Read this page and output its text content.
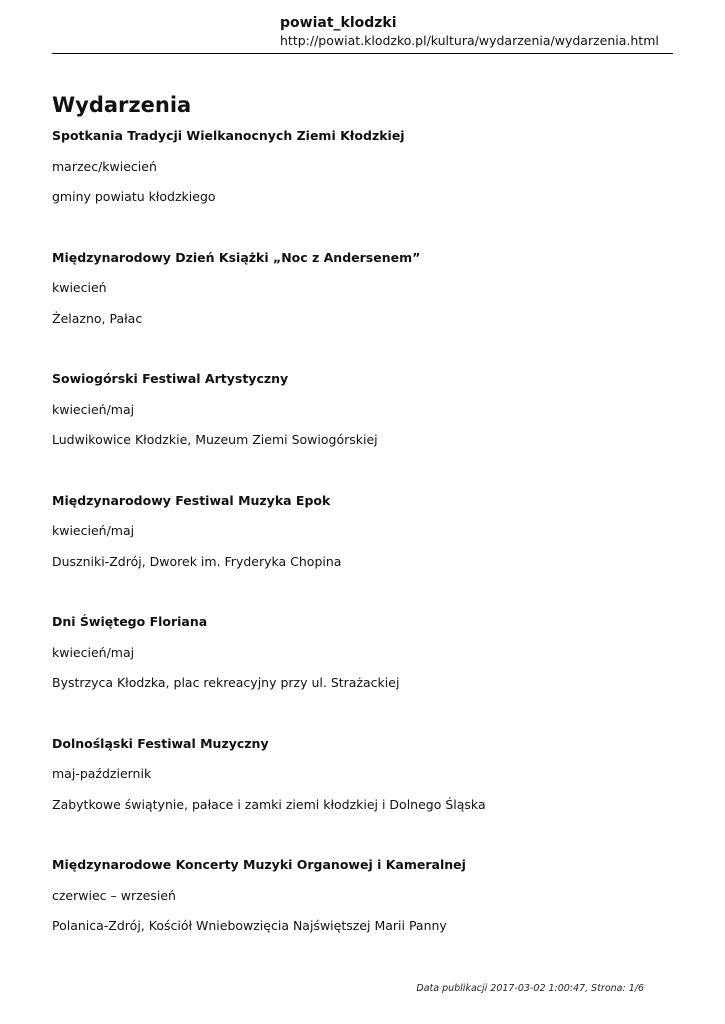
powiat_klodzki
http://powiat.klodzko.pl/kultura/wydarzenia/wydarzenia.html
Wydarzenia
Spotkania Tradycji Wielkanocnych Ziemi Kłodzkiej
marzec/kwiecień
gminy powiatu kłodzkiego
Międzynarodowy Dzień Książki „Noc z Andersenem”
kwiecień
Żelazno, Pałac
Sowiogórski Festiwal Artystyczny
kwiecień/maj
Ludwikowice Kłodzkie, Muzeum Ziemi Sowiogórskiej
Międzynarodowy Festiwal Muzyka Epok
kwiecień/maj
Duszniki-Zdrój, Dworek im. Fryderyka Chopina
Dni Świętego Floriana
kwiecień/maj
Bystrzyca Kłodzka, plac rekreacyjny przy ul. Strażackiej
Dolnośląski Festiwal Muzyczny
maj-październik
Zabytkowe świątynie, pałace i zamki ziemi kłodzkiej i Dolnego Śląska
Międzynarodowe Koncerty Muzyki Organowej i Kameralnej
czerwiec – wrzesień
Polanica-Zdrój, Kościół Wniebowzięcia Najświętszej Marii Panny
Data publikacji 2017-03-02 1:00:47, Strona: 1/6
